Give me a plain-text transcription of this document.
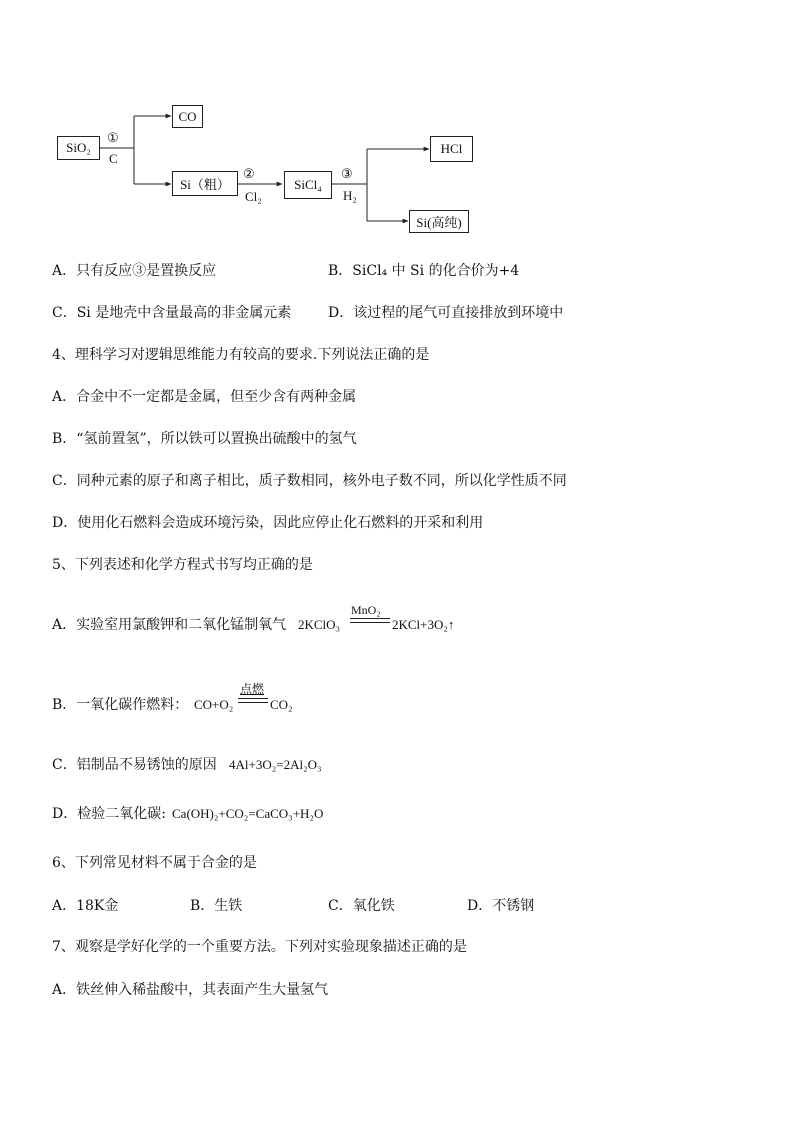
SiO₂
CO
Si（粗）	SiCl₄
HCl
Si(高纯)
①
C
②
Cl₂
③
H₂
A．只有反应③是置换反应	B．SiCl₄ 中 Si 的化合价为+4
C．Si 是地壳中含量最高的非金属元素	D．该过程的尾气可直接排放到环境中
4、理科学习对逻辑思维能力有较高的要求.下列说法正确的是
A．合金中不一定都是金属，但至少含有两种金属
B．“氢前置氢”，所以铁可以置换出硫酸中的氢气
C．同种元素的原子和离子相比，质子数相同，核外电子数不同，所以化学性质不同
D．使用化石燃料会造成环境污染，因此应停止化石燃料的开采和利用
5、下列表述和化学方程式书写均正确的是
A．实验室用氯酸钾和二氧化锰制氧气 2KClO₃
MnO₂
2KCl+3O₂↑
B．一氧化碳作燃料： CO+O₂
点燃
CO₂
C．铝制品不易锈蚀的原因 4Al+3O₂=2Al₂O₃
D．检验二氧化碳: Ca(OH)₂+CO₂=CaCO₃+H₂O
6、下列常见材料不属于合金的是
A．18K金	B．生铁	C．氧化铁	D．不锈钢
7、观察是学好化学的一个重要方法。下列对实验现象描述正确的是
A．铁丝伸入稀盐酸中，其表面产生大量氢气
